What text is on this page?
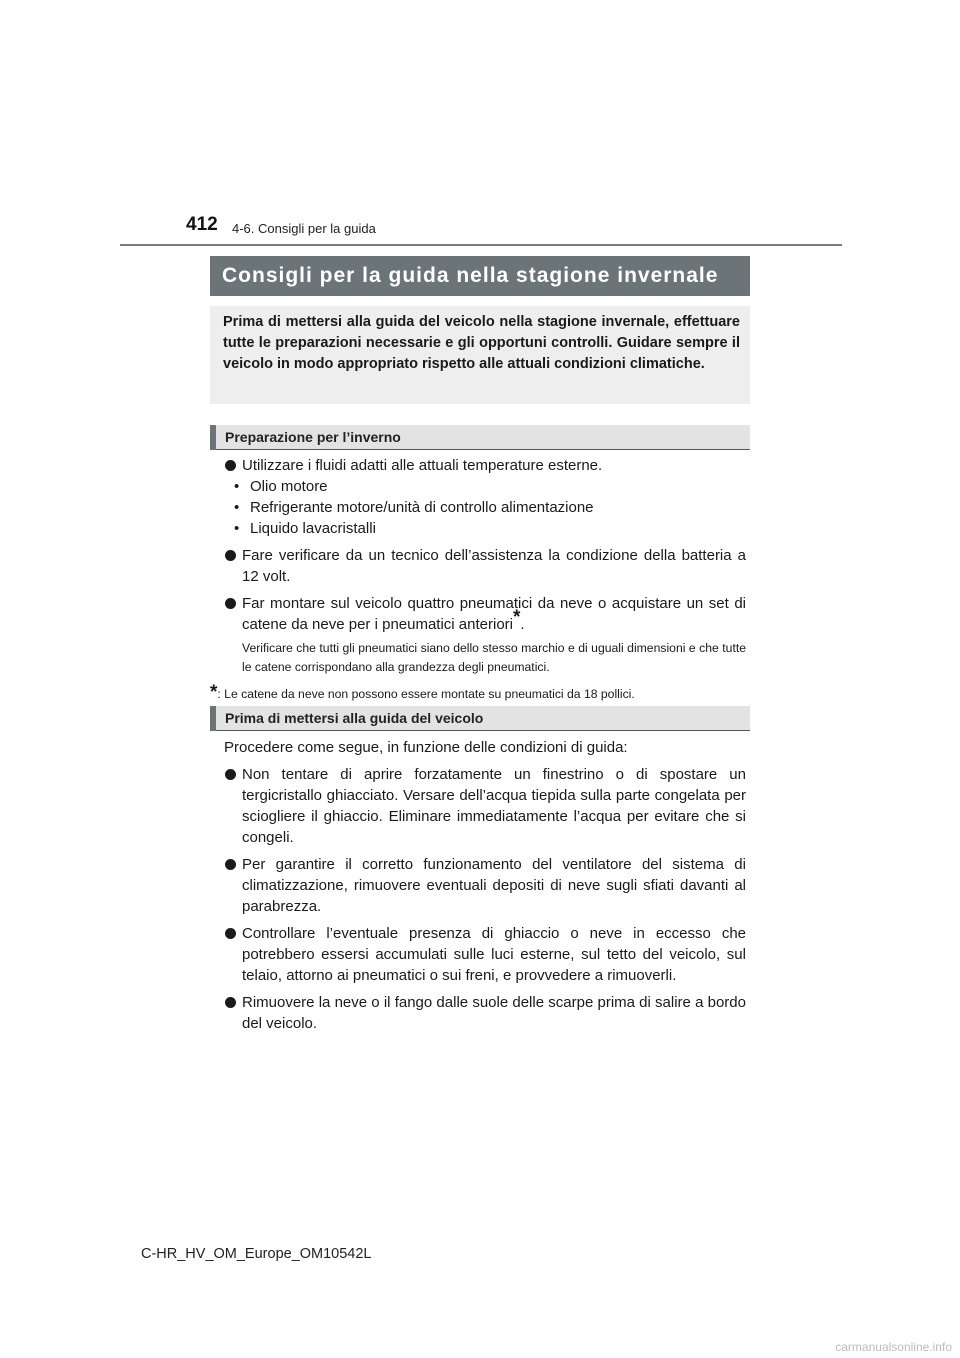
412 4-6. Consigli per la guida
Consigli per la guida nella stagione invernale
Prima di mettersi alla guida del veicolo nella stagione invernale, effettuare tutte le preparazioni necessarie e gli opportuni controlli. Guidare sempre il veicolo in modo appropriato rispetto alle attuali condizioni climatiche.
Preparazione per l’inverno
Utilizzare i fluidi adatti alle attuali temperature esterne.
• Olio motore
• Refrigerante motore/unità di controllo alimentazione
• Liquido lavacristalli
Fare verificare da un tecnico dell’assistenza la condizione della batteria a 12 volt.
Far montare sul veicolo quattro pneumatici da neve o acquistare un set di catene da neve per i pneumatici anteriori*.
Verificare che tutti gli pneumatici siano dello stesso marchio e di uguali dimensioni e che tutte le catene corrispondano alla grandezza degli pneumatici.
*: Le catene da neve non possono essere montate su pneumatici da 18 pollici.
Prima di mettersi alla guida del veicolo
Procedere come segue, in funzione delle condizioni di guida:
Non tentare di aprire forzatamente un finestrino o di spostare un tergicristallo ghiacciato. Versare dell’acqua tiepida sulla parte congelata per sciogliere il ghiaccio. Eliminare immediatamente l’acqua per evitare che si congeli.
Per garantire il corretto funzionamento del ventilatore del sistema di climatizzazione, rimuovere eventuali depositi di neve sugli sfiati davanti al parabrezza.
Controllare l’eventuale presenza di ghiaccio o neve in eccesso che potrebbero essersi accumulati sulle luci esterne, sul tetto del veicolo, sul telaio, attorno ai pneumatici o sui freni, e provvedere a rimuoverli.
Rimuovere la neve o il fango dalle suole delle scarpe prima di salire a bordo del veicolo.
C-HR_HV_OM_Europe_OM10542L
carmanualsonline.info
